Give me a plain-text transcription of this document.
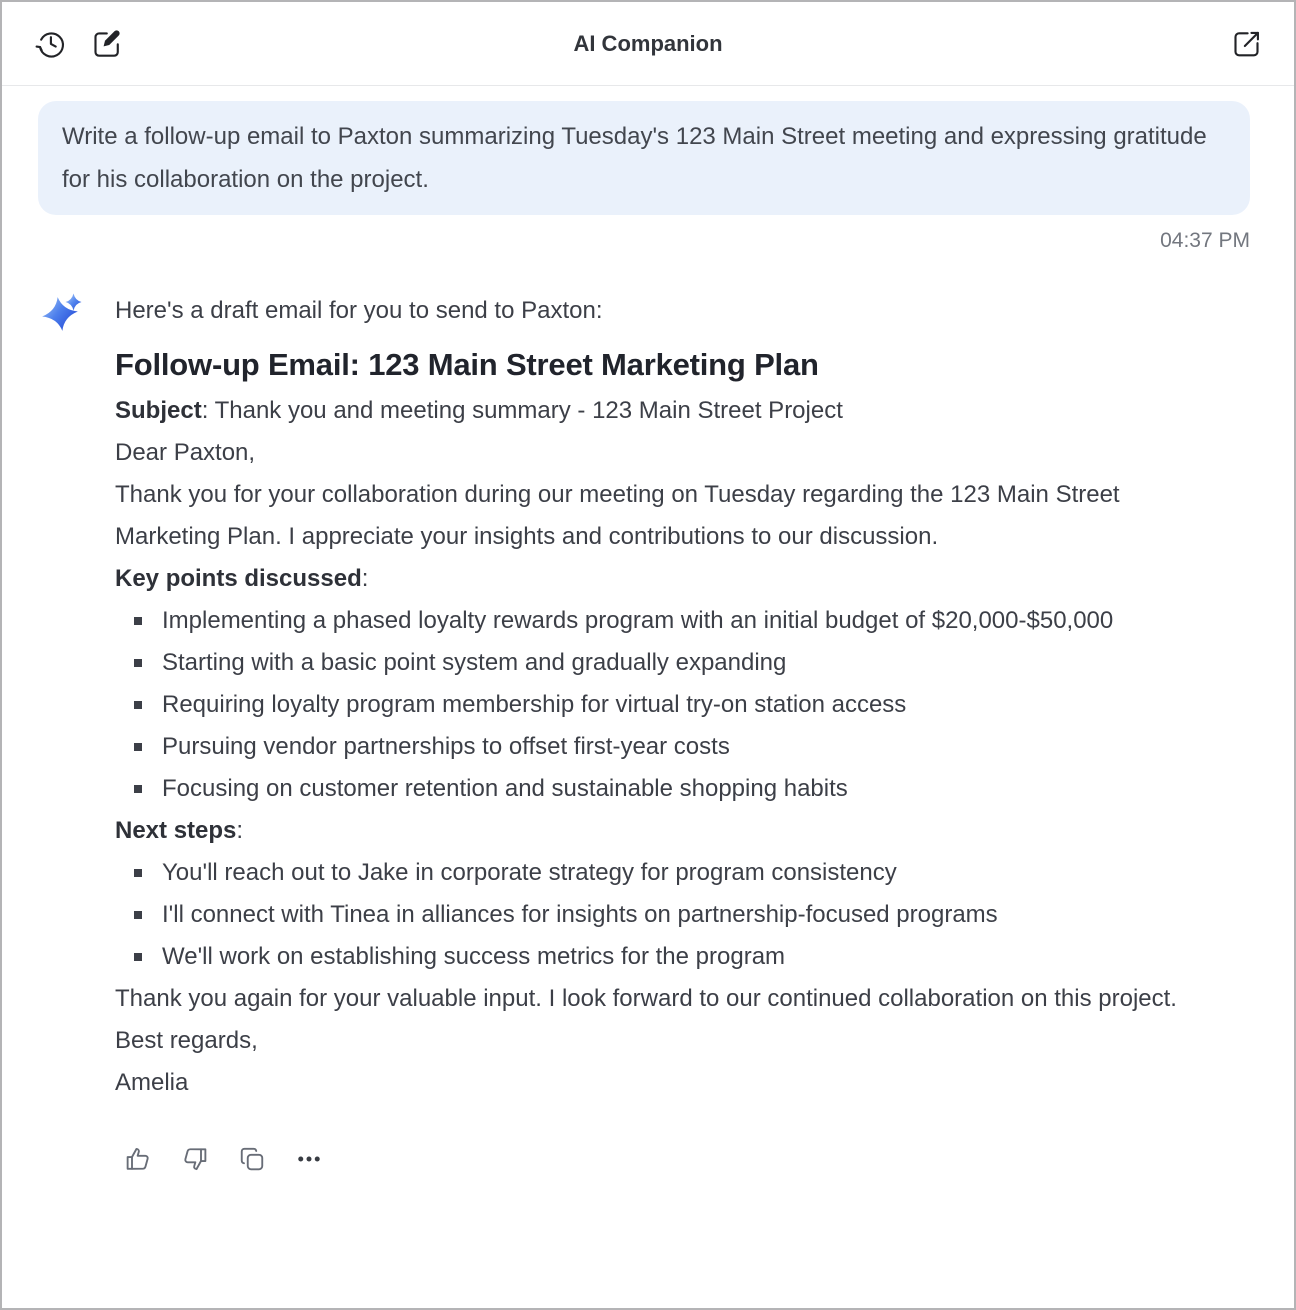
AI Companion

Write a follow-up email to Paxton summarizing Tuesday's 123 Main Street meeting and expressing gratitude for his collaboration on the project.

04:37 PM

Here's a draft email for you to send to Paxton:

Follow-up Email: 123 Main Street Marketing Plan

Subject: Thank you and meeting summary - 123 Main Street Project

Dear Paxton,

Thank you for your collaboration during our meeting on Tuesday regarding the 123 Main Street Marketing Plan. I appreciate your insights and contributions to our discussion.

Key points discussed:

Implementing a phased loyalty rewards program with an initial budget of $20,000-$50,000
Starting with a basic point system and gradually expanding
Requiring loyalty program membership for virtual try-on station access
Pursuing vendor partnerships to offset first-year costs
Focusing on customer retention and sustainable shopping habits

Next steps:

You'll reach out to Jake in corporate strategy for program consistency
I'll connect with Tinea in alliances for insights on partnership-focused programs
We'll work on establishing success metrics for the program

Thank you again for your valuable input. I look forward to our continued collaboration on this project.

Best regards,

Amelia
